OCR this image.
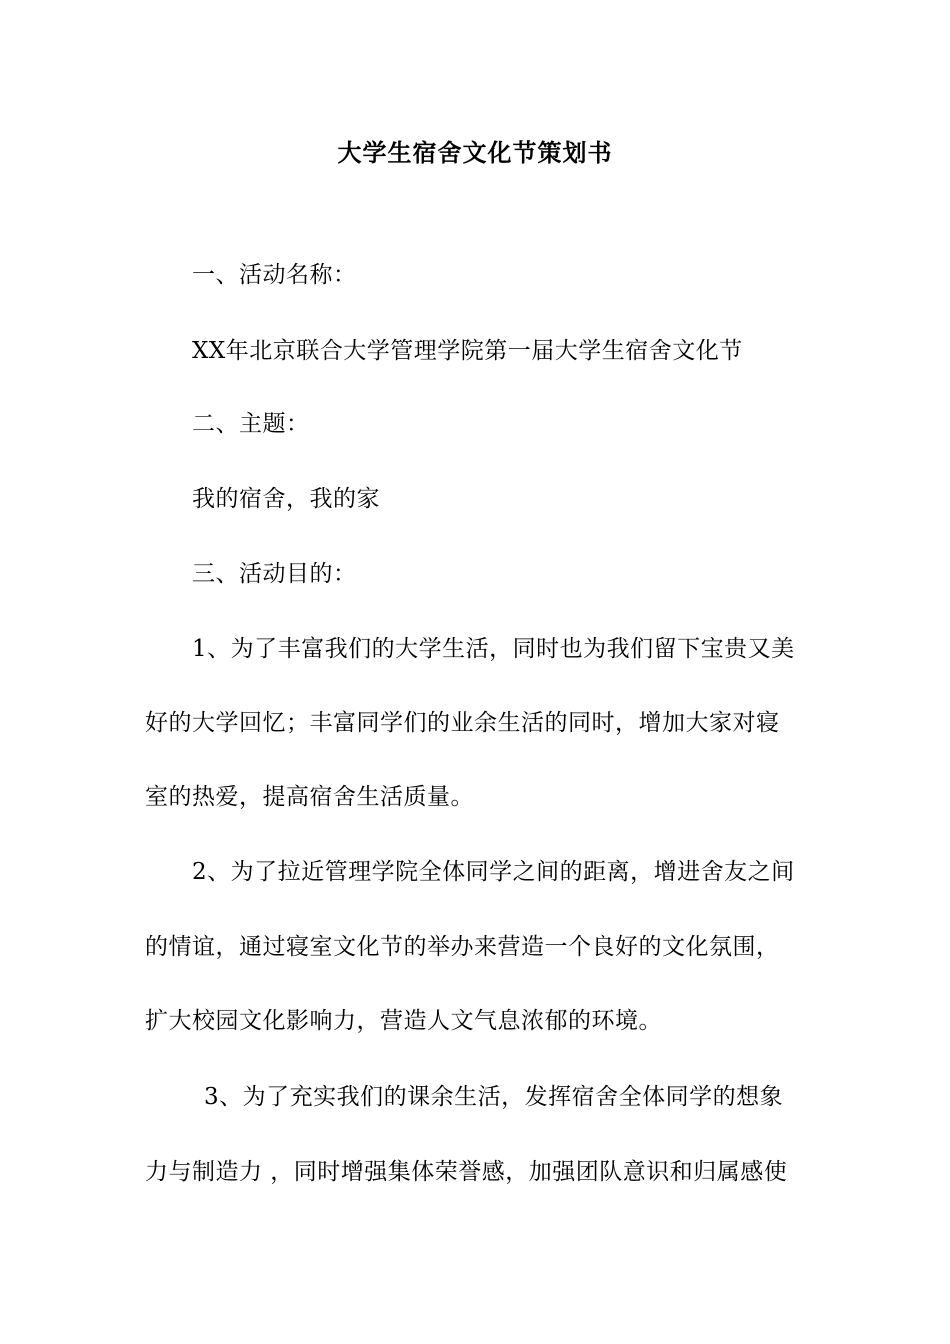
大学生宿舍文化节策划书
一、活动名称：
XX年北京联合大学管理学院第一届大学生宿舍文化节
二、主题：
我的宿舍，我的家
三、活动目的：
1、为了丰富我们的大学生活，同时也为我们留下宝贵又美
好的大学回忆；丰富同学们的业余生活的同时，增加大家对寝
室的热爱，提高宿舍生活质量。
2、为了拉近管理学院全体同学之间的距离，增进舍友之间
的情谊，通过寝室文化节的举办来营造一个良好的文化氛围，
扩大校园文化影响力，营造人文气息浓郁的环境。
3、为了充实我们的课余生活，发挥宿舍全体同学的想象
力与制造力 ，同时增强集体荣誉感，加强团队意识和归属感使
